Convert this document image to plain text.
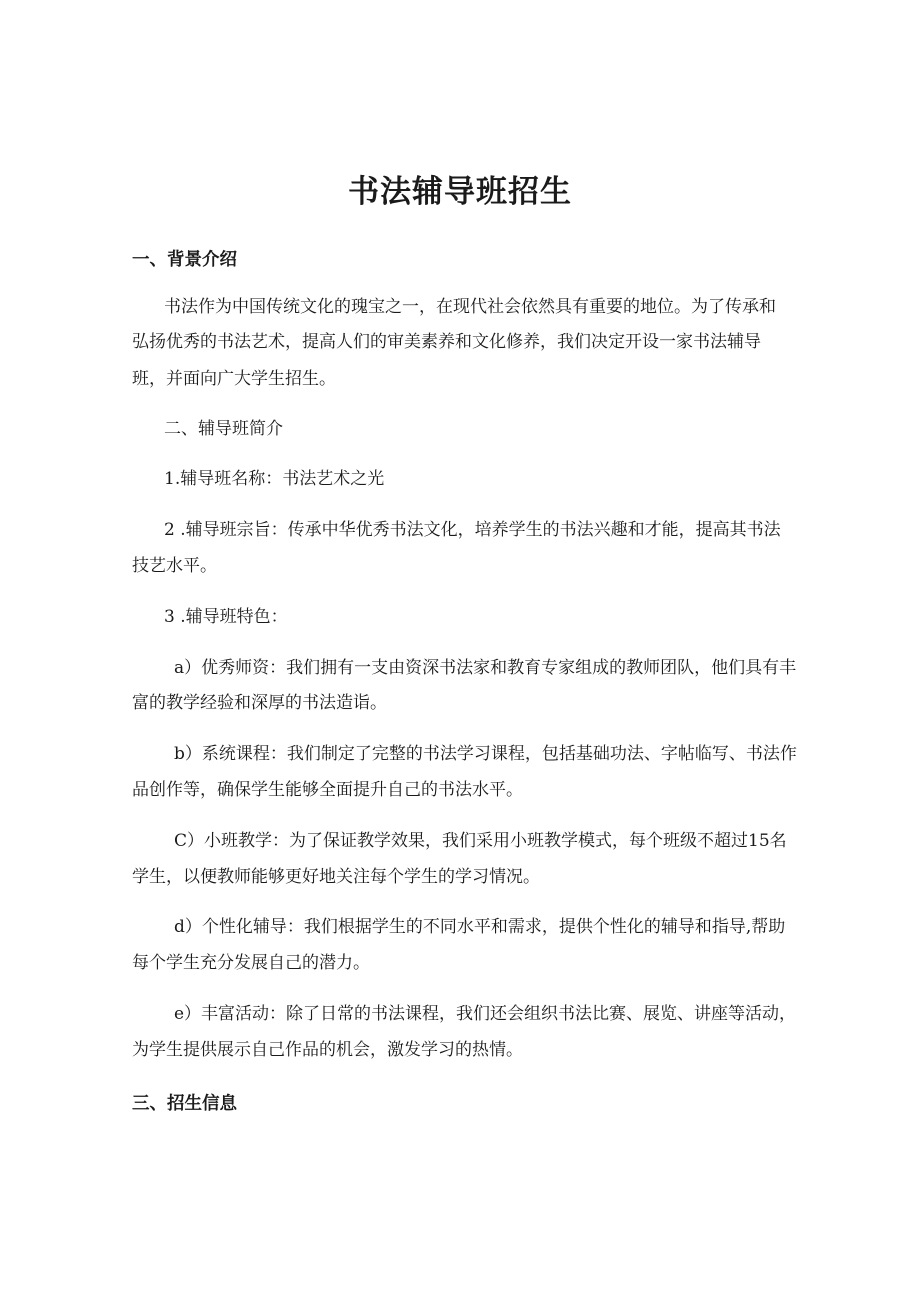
书法辅导班招生
一、背景介绍

书法作为中国传统文化的瑰宝之一，在现代社会依然具有重要的地位。为了传承和

弘扬优秀的书法艺术，提高人们的审美素养和文化修养，我们决定开设一家书法辅导

班，并面向广大学生招生。

二、辅导班简介

1.辅导班名称：书法艺术之光

2 .辅导班宗旨：传承中华优秀书法文化，培养学生的书法兴趣和才能，提高其书法

技艺水平。

3 .辅导班特色：

a）优秀师资：我们拥有一支由资深书法家和教育专家组成的教师团队，他们具有丰

富的教学经验和深厚的书法造诣。

b）系统课程：我们制定了完整的书法学习课程，包括基础功法、字帖临写、书法作

品创作等，确保学生能够全面提升自己的书法水平。

C）小班教学：为了保证教学效果，我们采用小班教学模式，每个班级不超过15名

学生，以便教师能够更好地关注每个学生的学习情况。

d）个性化辅导：我们根据学生的不同水平和需求，提供个性化的辅导和指导,帮助

每个学生充分发展自己的潜力。

e）丰富活动：除了日常的书法课程，我们还会组织书法比赛、展览、讲座等活动，

为学生提供展示自己作品的机会，激发学习的热情。

三、招生信息
